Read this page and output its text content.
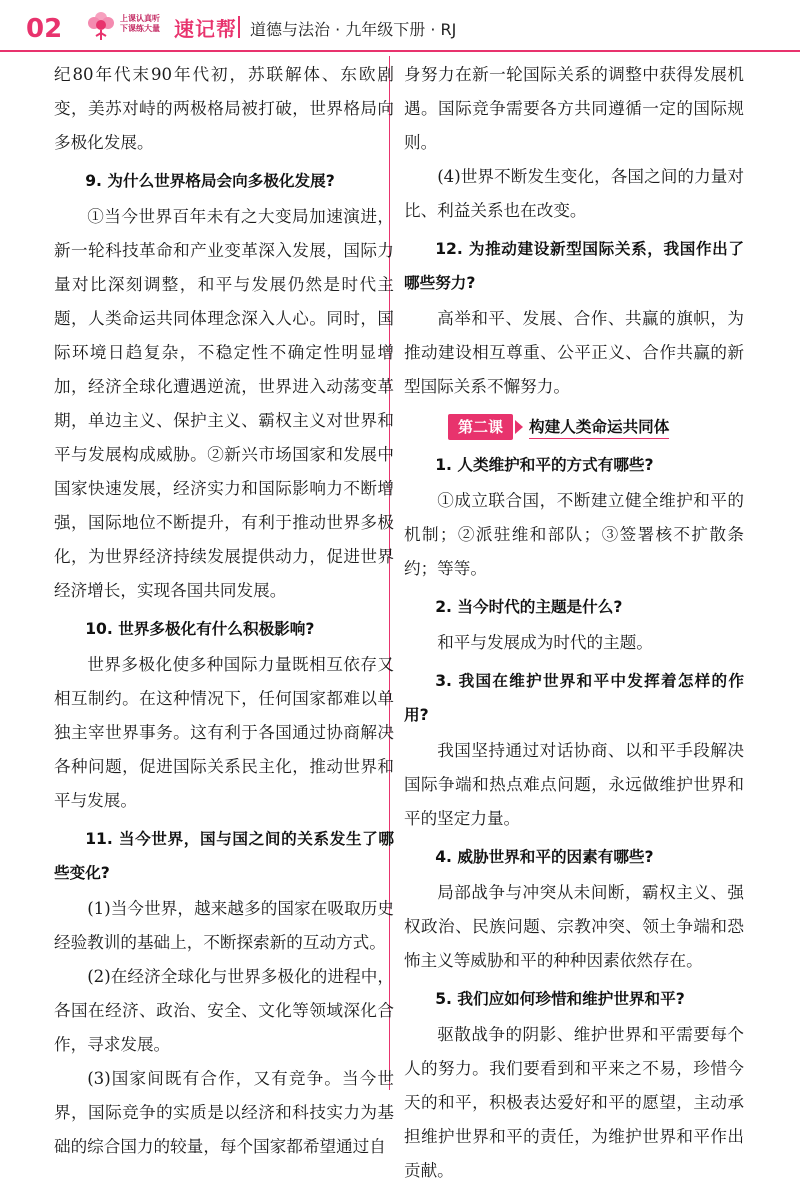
02	上课认真听
下课练大量 速记帮 道德与法治 · 九年级下册 · RJ

纪80年代末90年代初，苏联解体、东欧剧变，美苏对峙的两极格局被打破，世界格局向多极化发展。

9. 为什么世界格局会向多极化发展?

①当今世界百年未有之大变局加速演进，新一轮科技革命和产业变革深入发展，国际力量对比深刻调整，和平与发展仍然是时代主题，人类命运共同体理念深入人心。同时，国际环境日趋复杂，不稳定性不确定性明显增加，经济全球化遭遇逆流，世界进入动荡变革期，单边主义、保护主义、霸权主义对世界和平与发展构成威胁。②新兴市场国家和发展中国家快速发展，经济实力和国际影响力不断增强，国际地位不断提升，有利于推动世界多极化，为世界经济持续发展提供动力，促进世界经济增长，实现各国共同发展。

10. 世界多极化有什么积极影响?

世界多极化使多种国际力量既相互依存又相互制约。在这种情况下，任何国家都难以单独主宰世界事务。这有利于各国通过协商解决各种问题，促进国际关系民主化，推动世界和平与发展。

11. 当今世界，国与国之间的关系发生了哪些变化?

(1)当今世界，越来越多的国家在吸取历史经验教训的基础上，不断探索新的互动方式。

(2)在经济全球化与世界多极化的进程中，各国在经济、政治、安全、文化等领域深化合作，寻求发展。

(3)国家间既有合作，又有竞争。当今世界，国际竞争的实质是以经济和科技实力为基础的综合国力的较量，每个国家都希望通过自

身努力在新一轮国际关系的调整中获得发展机遇。国际竞争需要各方共同遵循一定的国际规则。

(4)世界不断发生变化，各国之间的力量对比、利益关系也在改变。

12. 为推动建设新型国际关系，我国作出了哪些努力?

高举和平、发展、合作、共赢的旗帜，为推动建设相互尊重、公平正义、合作共赢的新型国际关系不懈努力。

第二课	构建人类命运共同体

1. 人类维护和平的方式有哪些?

①成立联合国，不断建立健全维护和平的机制；②派驻维和部队；③签署核不扩散条约；等等。

2. 当今时代的主题是什么?

和平与发展成为时代的主题。

3. 我国在维护世界和平中发挥着怎样的作用?

我国坚持通过对话协商、以和平手段解决国际争端和热点难点问题，永远做维护世界和平的坚定力量。

4. 威胁世界和平的因素有哪些?

局部战争与冲突从未间断，霸权主义、强权政治、民族问题、宗教冲突、领土争端和恐怖主义等威胁和平的种种因素依然存在。

5. 我们应如何珍惜和维护世界和平?

驱散战争的阴影、维护世界和平需要每个人的努力。我们要看到和平来之不易，珍惜今天的和平，积极表达爱好和平的愿望，主动承担维护世界和平的责任，为维护世界和平作出贡献。
